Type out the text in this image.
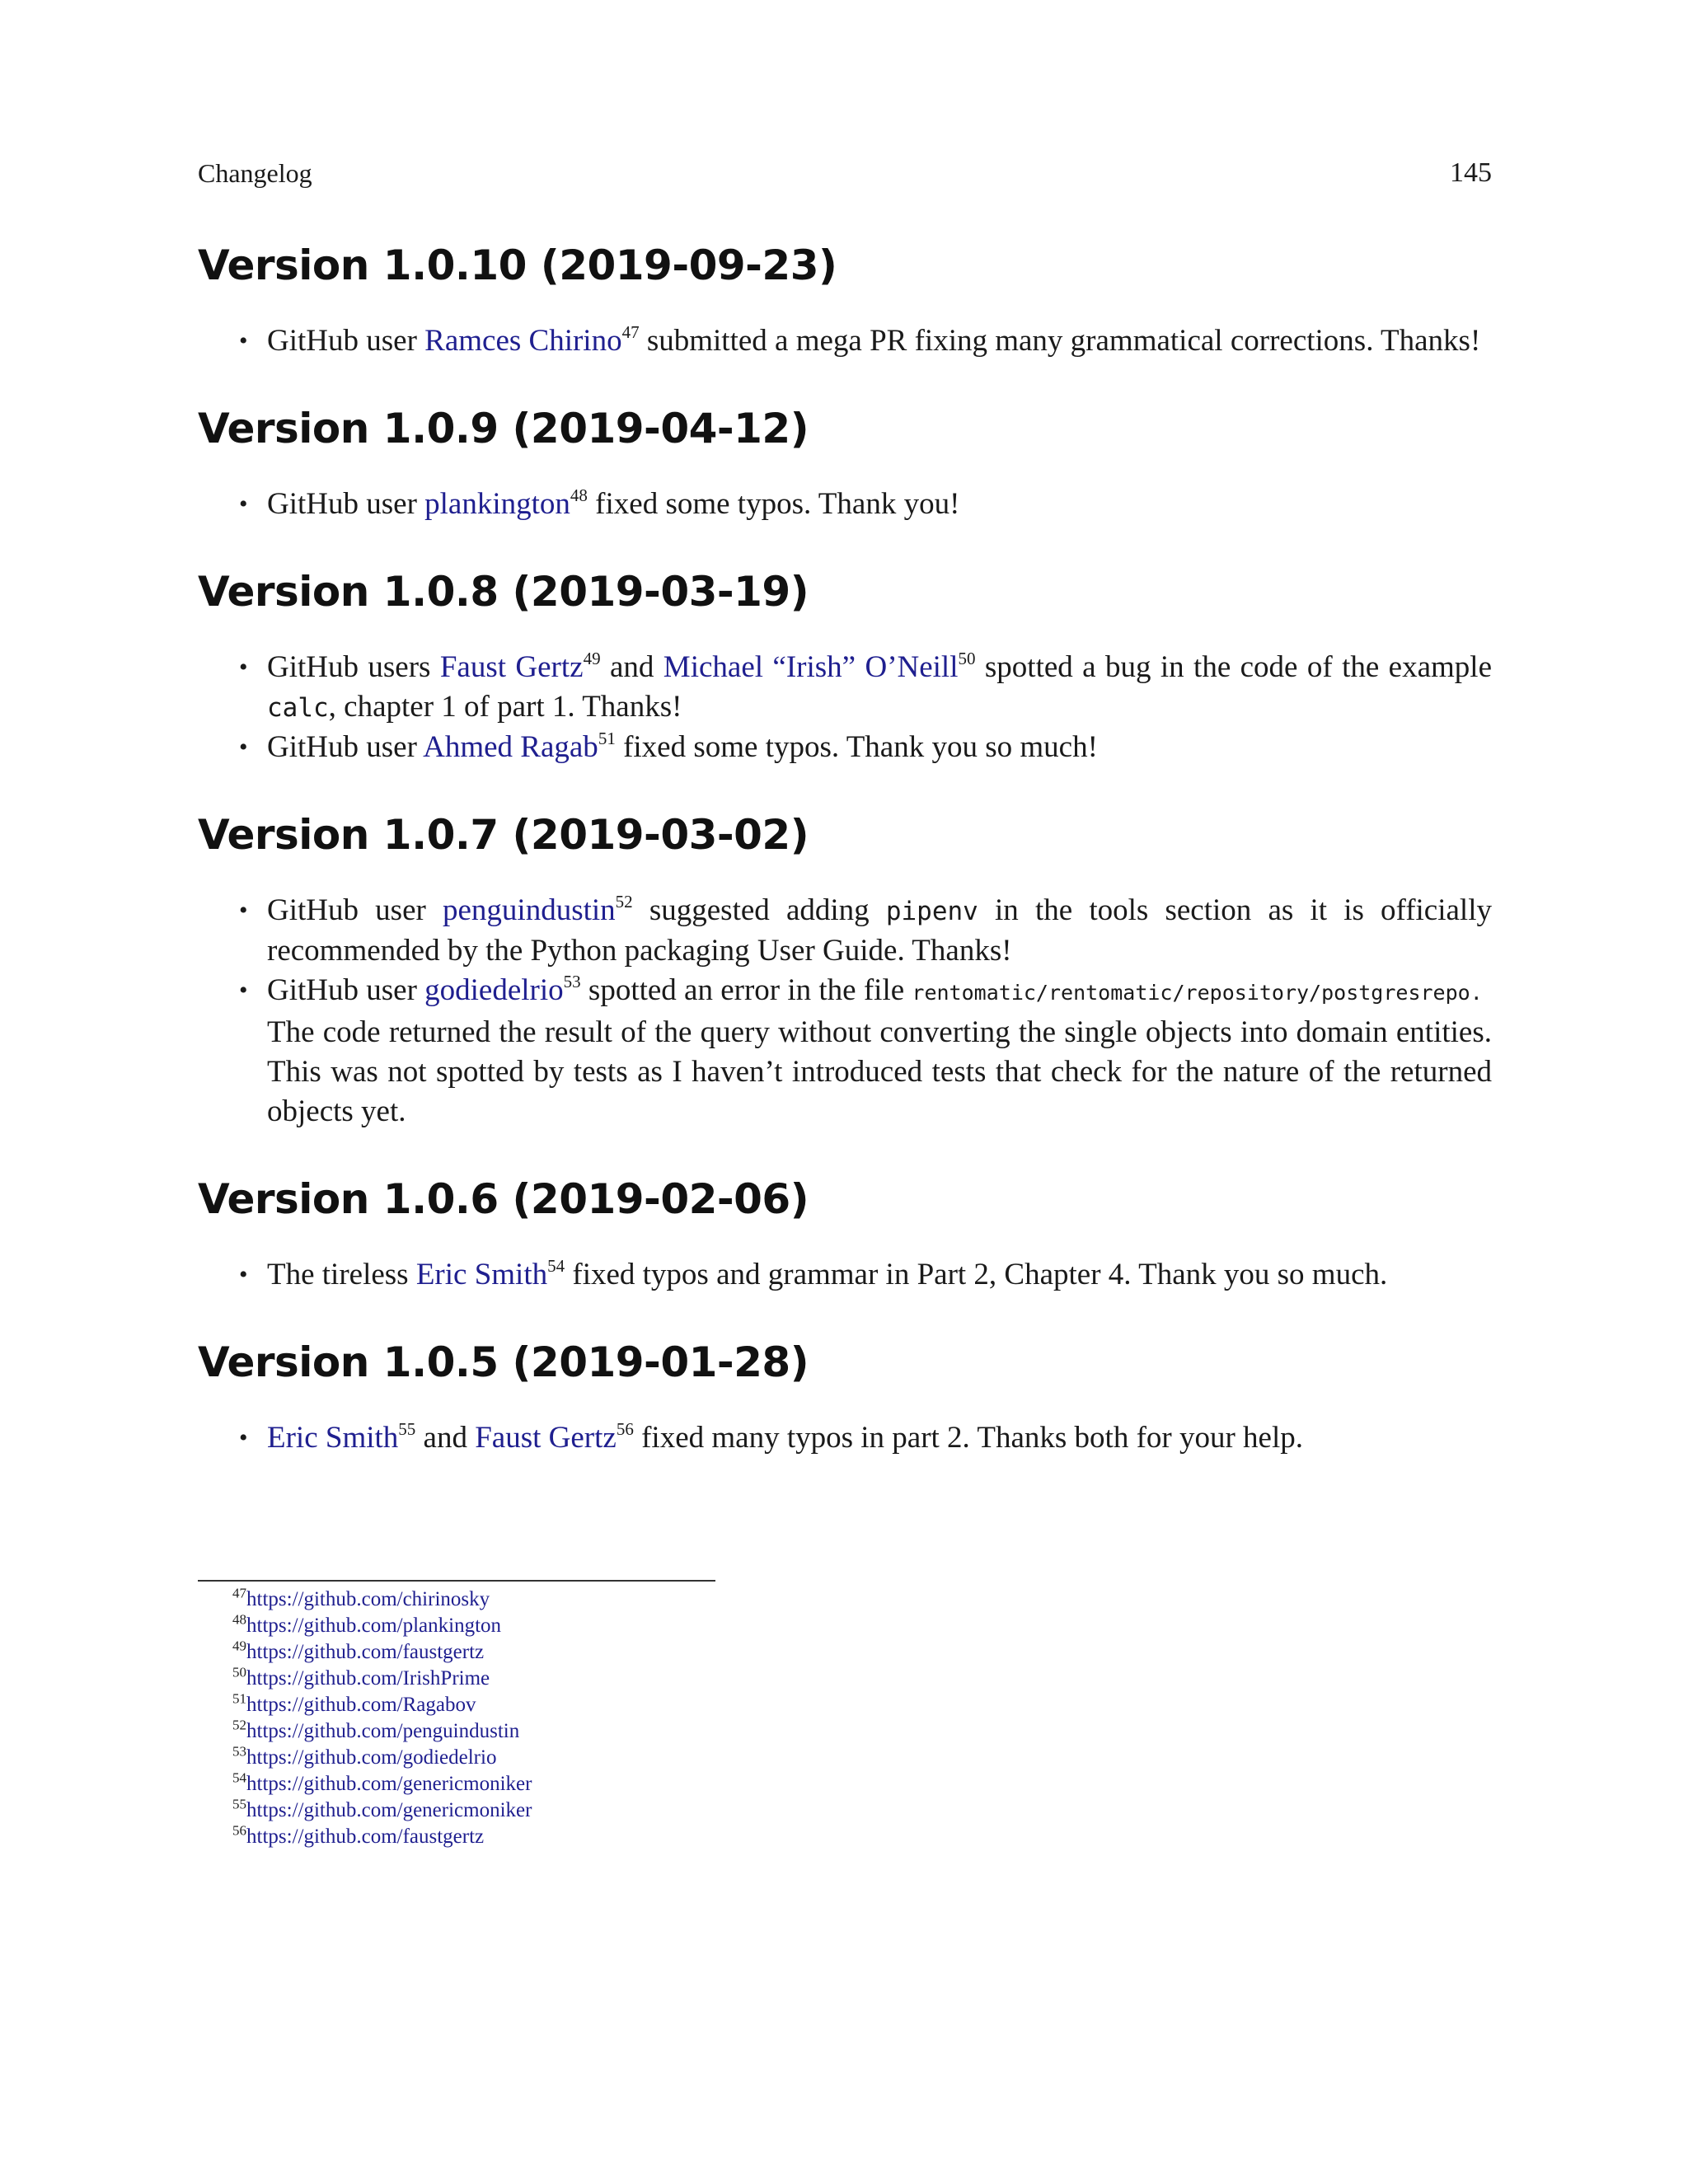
Changelog	145
Version 1.0.10 (2019-09-23)
• GitHub user Ramces Chirino$^{47}$ submitted a mega PR fixing many grammatical corrections. Thanks!
Version 1.0.9 (2019-04-12)
• GitHub user plankington$^{48}$ fixed some typos. Thank you!
Version 1.0.8 (2019-03-19)
• GitHub users Faust Gertz$^{49}$ and Michael “Irish” O’Neill$^{50}$ spotted a bug in the code of the example calc, chapter 1 of part 1. Thanks!
• GitHub user Ahmed Ragab$^{51}$ fixed some typos. Thank you so much!
Version 1.0.7 (2019-03-02)
• GitHub user penguindustin$^{52}$ suggested adding pipenv in the tools section as it is officially recommended by the Python packaging User Guide. Thanks!
• GitHub user godiedelrio$^{53}$ spotted an error in the file rentomatic/rentomatic/repository/postgresrepo.
The code returned the result of the query without converting the single objects into domain entities. This was not spotted by tests as I haven’t introduced tests that check for the nature of the returned objects yet.
Version 1.0.6 (2019-02-06)
• The tireless Eric Smith$^{54}$ fixed typos and grammar in Part 2, Chapter 4. Thank you so much.
Version 1.0.5 (2019-01-28)
• Eric Smith$^{55}$ and Faust Gertz$^{56}$ fixed many typos in part 2. Thanks both for your help.
$^{47}$https://github.com/chirinosky
$^{48}$https://github.com/plankington
$^{49}$https://github.com/faustgertz
$^{50}$https://github.com/IrishPrime
$^{51}$https://github.com/Ragabov
$^{52}$https://github.com/penguindustin
$^{53}$https://github.com/godiedelrio
$^{54}$https://github.com/genericmoniker
$^{55}$https://github.com/genericmoniker
$^{56}$https://github.com/faustgertz
